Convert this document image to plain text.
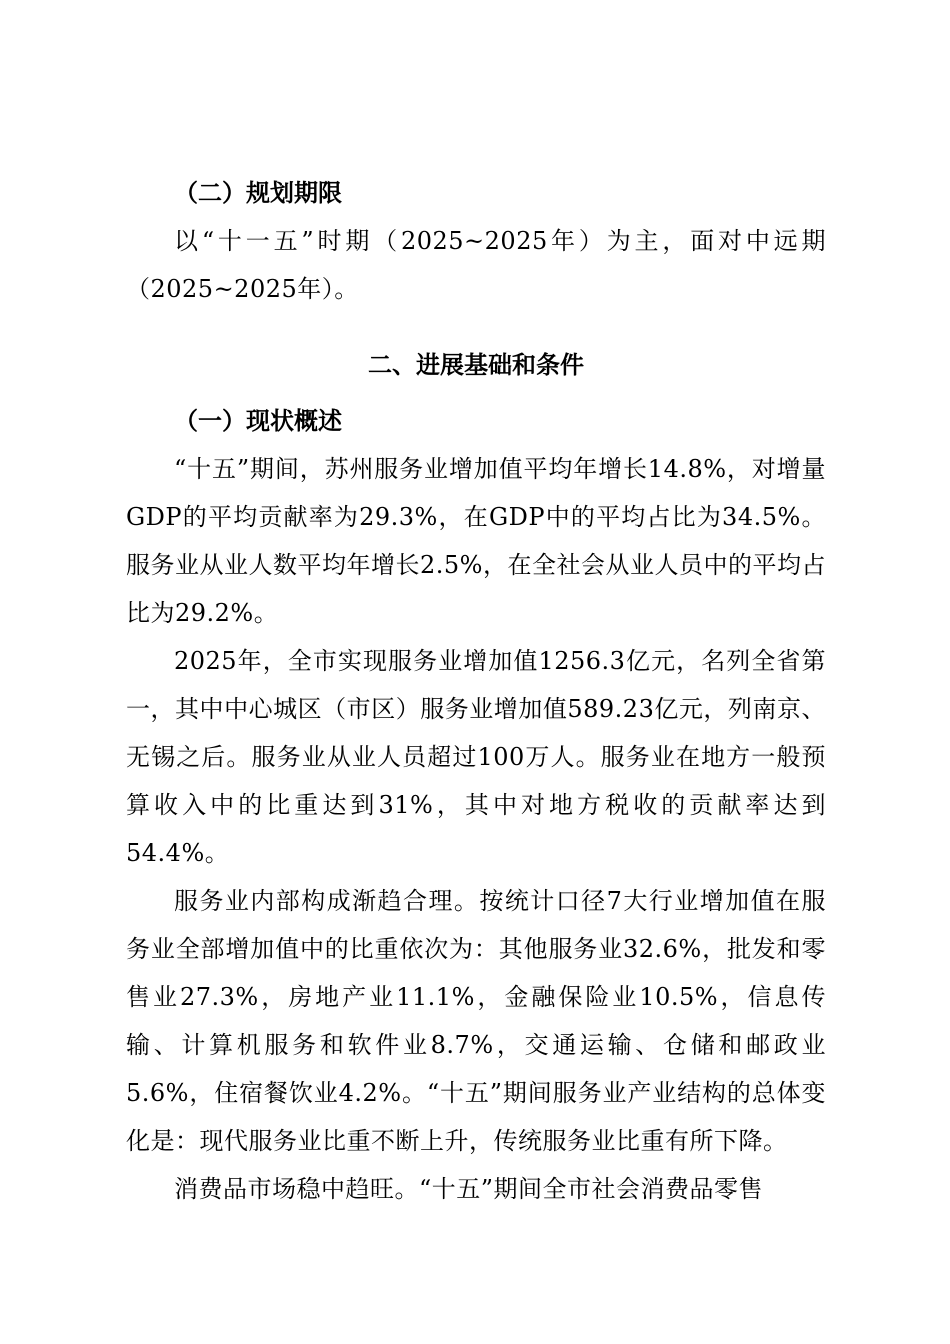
（二）规划期限

以“十一五”时期（2025~2025年）为主，面对中远期（2025~2025年）。

二、进展基础和条件
（一）现状概述

“十五”期间，苏州服务业增加值平均年增长14.8%，对增量GDP的平均贡献率为29.3%，在GDP中的平均占比为34.5%。服务业从业人数平均年增长2.5%，在全社会从业人员中的平均占比为29.2%。

2025年，全市实现服务业增加值1256.3亿元，名列全省第一，其中中心城区（市区）服务业增加值589.23亿元，列南京、无锡之后。服务业从业人员超过100万人。服务业在地方一般预算收入中的比重达到31%，其中对地方税收的贡献率达到54.4%。

服务业内部构成渐趋合理。按统计口径7大行业增加值在服务业全部增加值中的比重依次为：其他服务业32.6%，批发和零售业27.3%，房地产业11.1%，金融保险业10.5%，信息传输、计算机服务和软件业8.7%，交通运输、仓储和邮政业5.6%，住宿餐饮业4.2%。“十五”期间服务业产业结构的总体变化是：现代服务业比重不断上升，传统服务业比重有所下降。

消费品市场稳中趋旺。“十五”期间全市社会消费品零售
